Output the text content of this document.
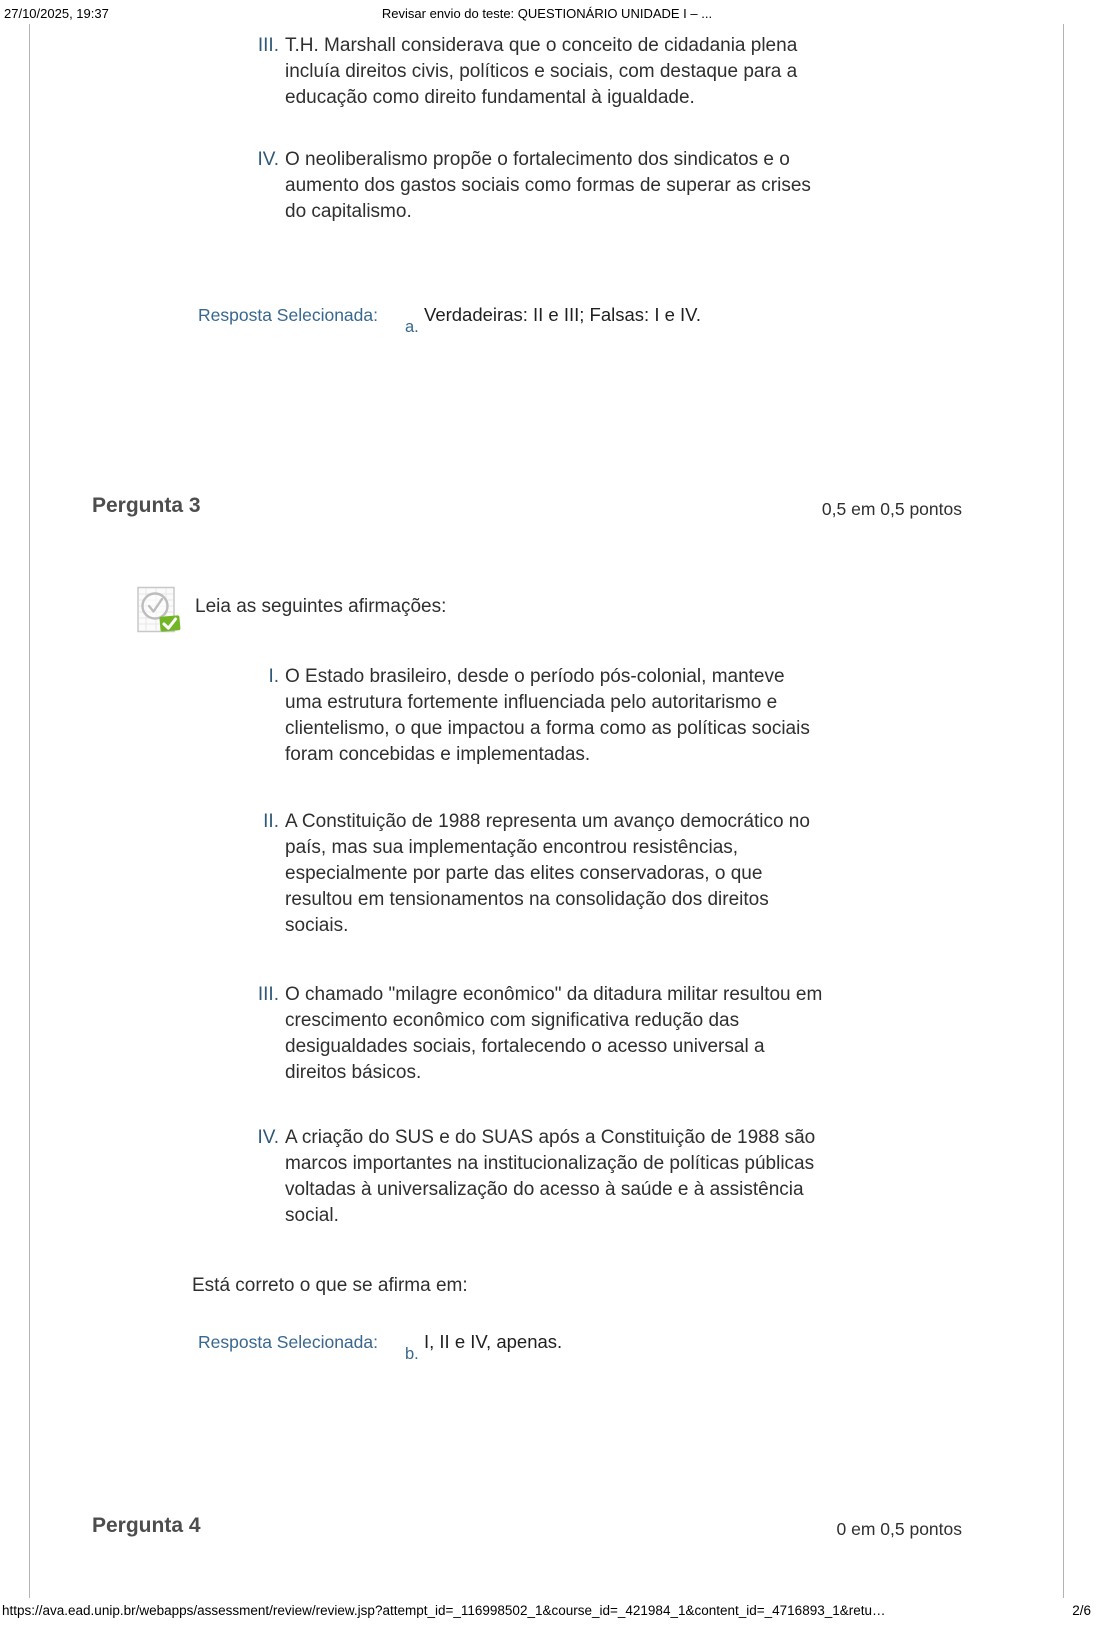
27/10/2025, 19:37	Revisar envio do teste: QUESTIONÁRIO UNIDADE I – ...
III. T.H. Marshall considerava que o conceito de cidadania plena incluía direitos civis, políticos e sociais, com destaque para a educação como direito fundamental à igualdade.
IV. O neoliberalismo propõe o fortalecimento dos sindicatos e o aumento dos gastos sociais como formas de superar as crises do capitalismo.
Resposta Selecionada:
a.
Verdadeiras: II e III; Falsas: I e IV.
Pergunta 3	0,5 em 0,5 pontos
Leia as seguintes afirmações:
I. O Estado brasileiro, desde o período pós-colonial, manteve uma estrutura fortemente influenciada pelo autoritarismo e clientelismo, o que impactou a forma como as políticas sociais foram concebidas e implementadas.
II. A Constituição de 1988 representa um avanço democrático no país, mas sua implementação encontrou resistências, especialmente por parte das elites conservadoras, o que resultou em tensionamentos na consolidação dos direitos sociais.
III. O chamado "milagre econômico" da ditadura militar resultou em crescimento econômico com significativa redução das desigualdades sociais, fortalecendo o acesso universal a direitos básicos.
IV. A criação do SUS e do SUAS após a Constituição de 1988 são marcos importantes na institucionalização de políticas públicas voltadas à universalização do acesso à saúde e à assistência social.
Está correto o que se afirma em:
Resposta Selecionada:
b.
I, II e IV, apenas.
Pergunta 4	0 em 0,5 pontos
https://ava.ead.unip.br/webapps/assessment/review/review.jsp?attempt_id=_116998502_1&course_id=_421984_1&content_id=_4716893_1&retu…	2/6
